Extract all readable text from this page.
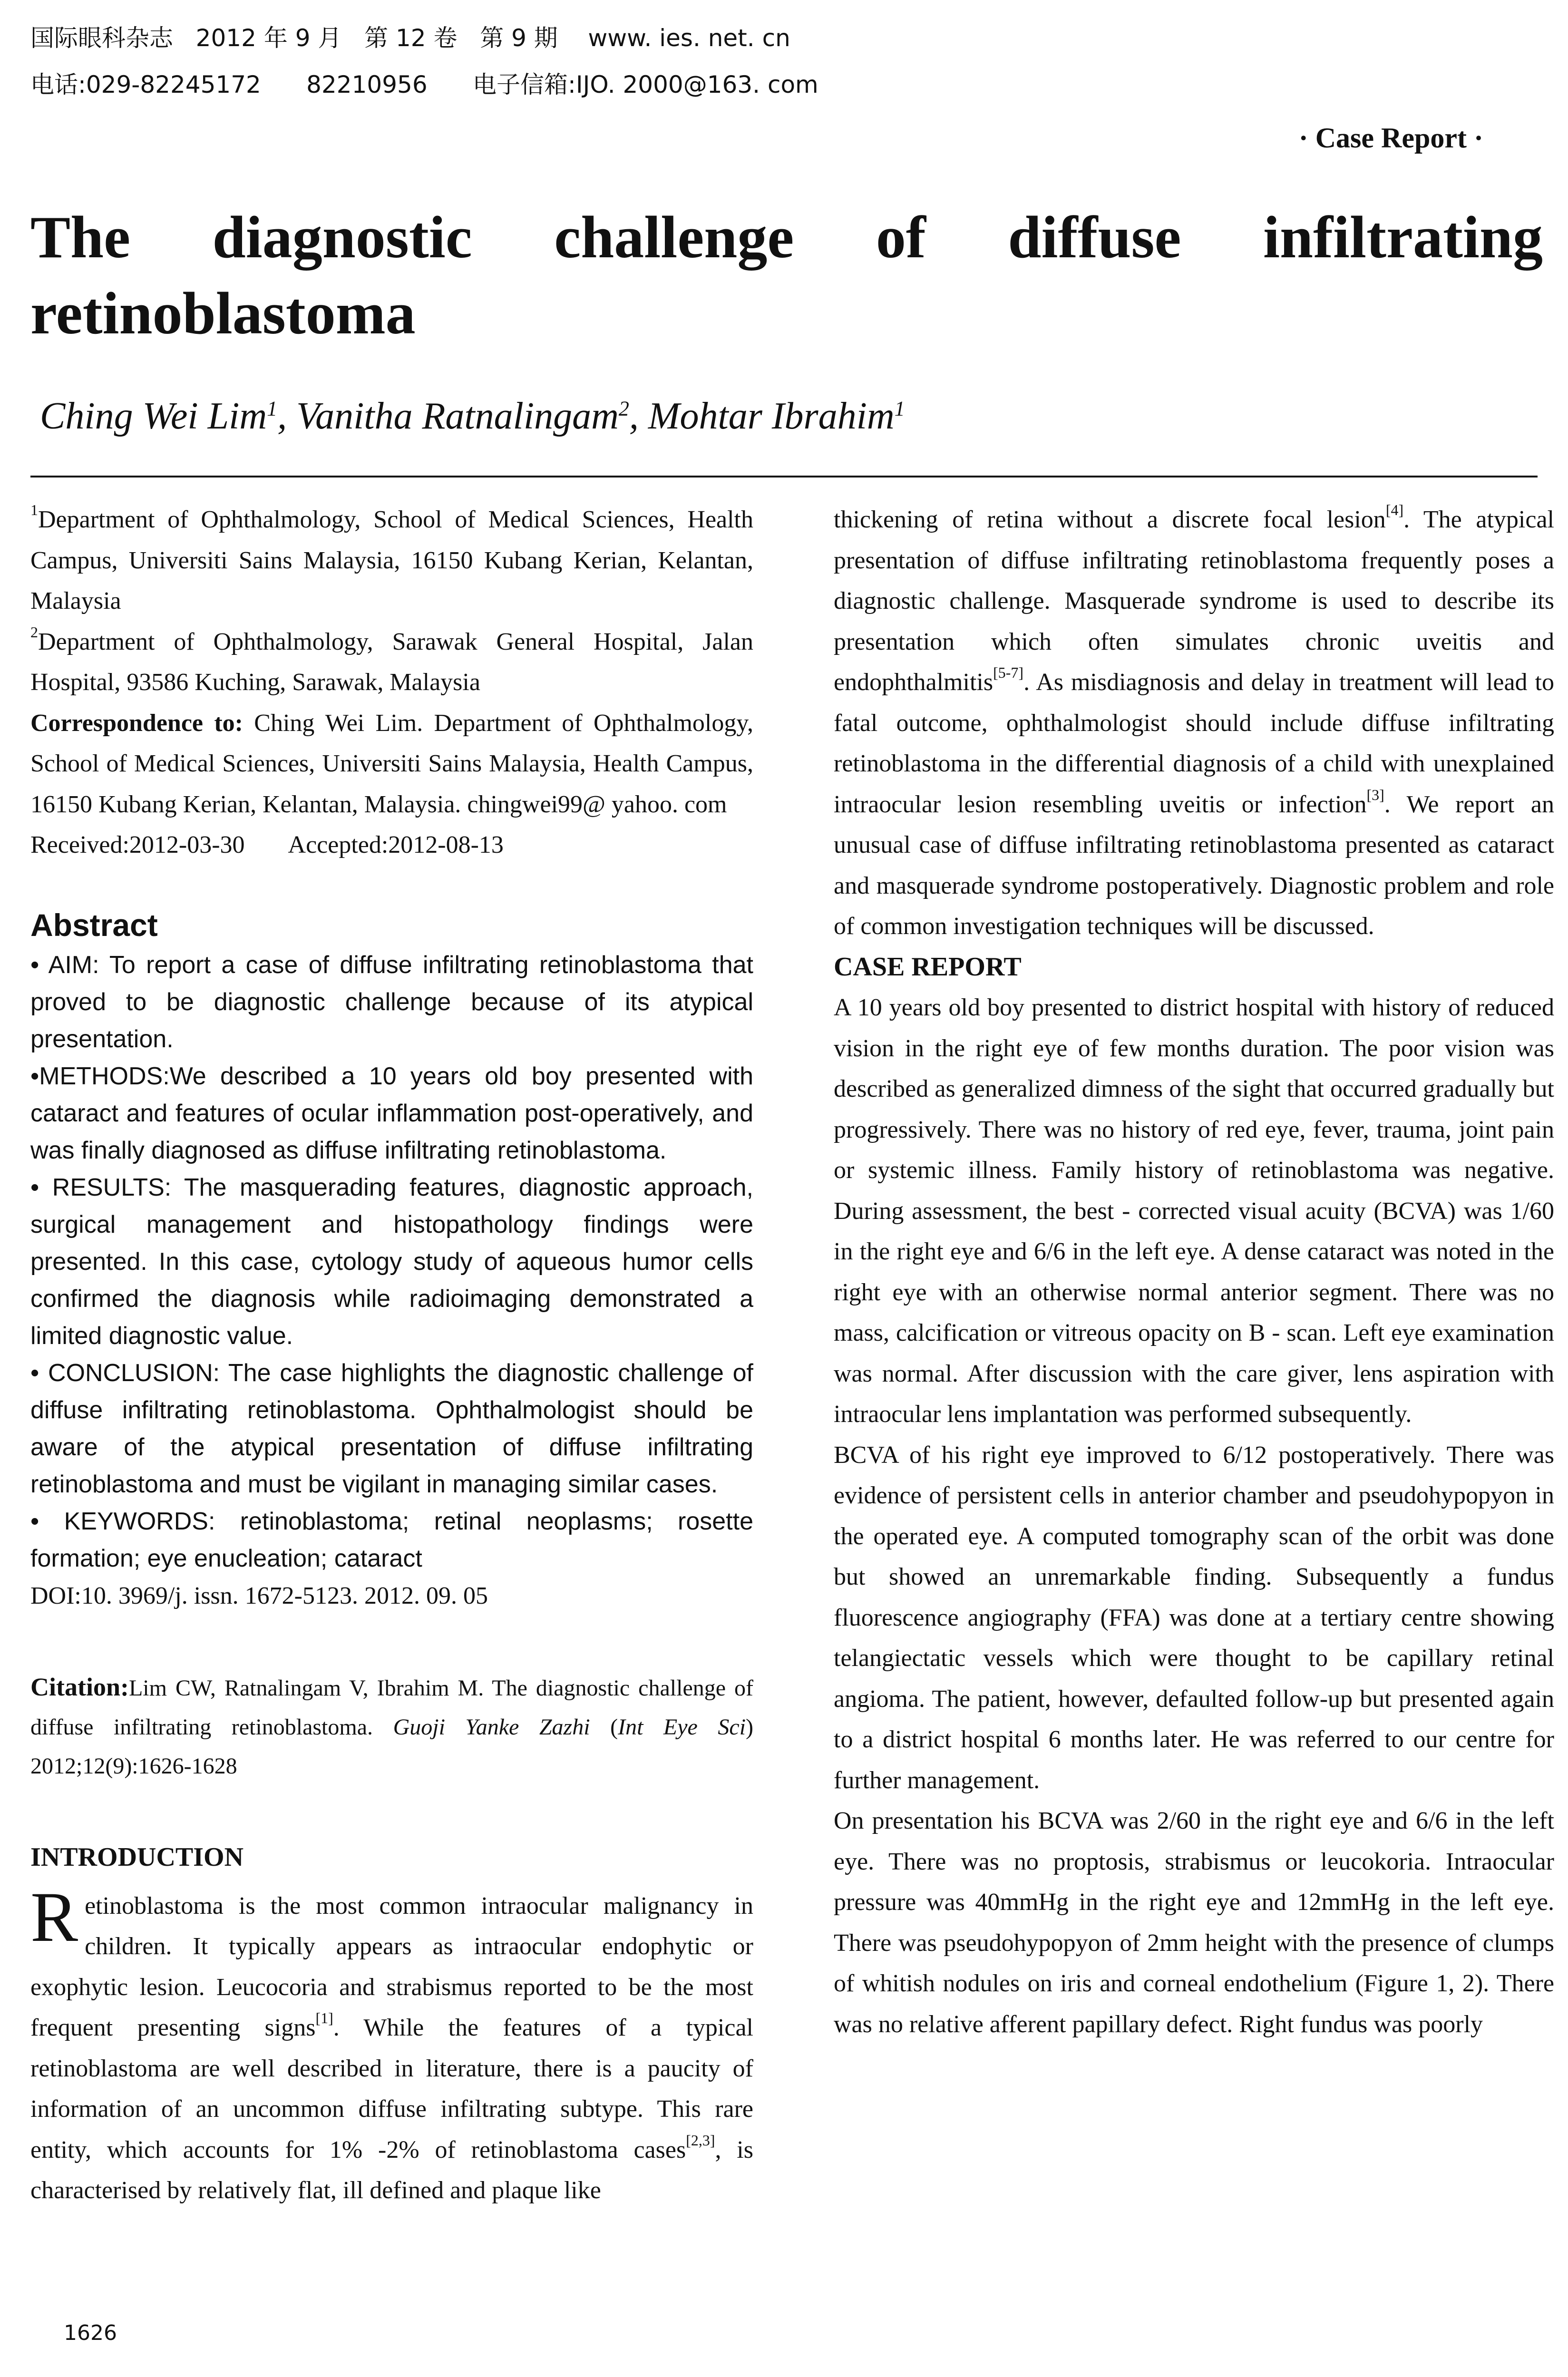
国际眼科杂志   2012 年 9 月   第 12 卷   第 9 期    www. ies. net. cn
电话:029-82245172      82210956      电子信箱:IJO. 2000@163. com
· Case Report ·
The diagnostic challenge of diffuse infiltrating retinoblastoma
Ching Wei Lim$^1$, Vanitha Ratnalingam$^2$, Mohtar Ibrahim$^1$

$^1$Department of Ophthalmology, School of Medical Sciences, Health Campus, Universiti Sains Malaysia, 16150 Kubang Kerian, Kelantan, Malaysia

$^2$Department of Ophthalmology, Sarawak General Hospital, Jalan Hospital, 93586 Kuching, Sarawak, Malaysia

Correspondence to: Ching Wei Lim. Department of Ophthalmology, School of Medical Sciences, Universiti Sains Malaysia, Health Campus, 16150 Kubang Kerian, Kelantan, Malaysia. chingwei99@ yahoo. com

Received:2012-03-30 Accepted:2012-08-13

Abstract

• AIM: To report a case of diffuse infiltrating retinoblastoma that proved to be diagnostic challenge because of its atypical presentation.

•METHODS:We described a 10 years old boy presented with cataract and features of ocular inflammation post-operatively, and was finally diagnosed as diffuse infiltrating retinoblastoma.

• RESULTS: The masquerading features, diagnostic approach, surgical management and histopathology findings were presented. In this case, cytology study of aqueous humor cells confirmed the diagnosis while radioimaging demonstrated a limited diagnostic value.

• CONCLUSION: The case highlights the diagnostic challenge of diffuse infiltrating retinoblastoma. Ophthalmologist should be aware of the atypical presentation of diffuse infiltrating retinoblastoma and must be vigilant in managing similar cases.

• KEYWORDS: retinoblastoma; retinal neoplasms; rosette formation; eye enucleation; cataract

DOI:10. 3969/j. issn. 1672-5123. 2012. 09. 05

Citation:Lim CW, Ratnalingam V, Ibrahim M. The diagnostic challenge of diffuse infiltrating retinoblastoma. Guoji Yanke Zazhi (Int Eye Sci) 2012;12(9):1626-1628

INTRODUCTION

Retinoblastoma is the most common intraocular malignancy in children. It typically appears as intraocular endophytic or exophytic lesion. Leucocoria and strabismus reported to be the most frequent presenting signs[1]. While the features of a typical retinoblastoma are well described in literature, there is a paucity of information of an uncommon diffuse infiltrating subtype. This rare entity, which accounts for 1% -2% of retinoblastoma cases[2,3], is characterised by relatively flat, ill defined and plaque like

thickening of retina without a discrete focal lesion[4]. The atypical presentation of diffuse infiltrating retinoblastoma frequently poses a diagnostic challenge. Masquerade syndrome is used to describe its presentation which often simulates chronic uveitis and endophthalmitis[5-7]. As misdiagnosis and delay in treatment will lead to fatal outcome, ophthalmologist should include diffuse infiltrating retinoblastoma in the differential diagnosis of a child with unexplained intraocular lesion resembling uveitis or infection[3]. We report an unusual case of diffuse infiltrating retinoblastoma presented as cataract and masquerade syndrome postoperatively. Diagnostic problem and role of common investigation techniques will be discussed.

CASE REPORT

A 10 years old boy presented to district hospital with history of reduced vision in the right eye of few months duration. The poor vision was described as generalized dimness of the sight that occurred gradually but progressively. There was no history of red eye, fever, trauma, joint pain or systemic illness. Family history of retinoblastoma was negative. During assessment, the best - corrected visual acuity (BCVA) was 1/60 in the right eye and 6/6 in the left eye. A dense cataract was noted in the right eye with an otherwise normal anterior segment. There was no mass, calcification or vitreous opacity on B - scan. Left eye examination was normal. After discussion with the care giver, lens aspiration with intraocular lens implantation was performed subsequently.

BCVA of his right eye improved to 6/12 postoperatively. There was evidence of persistent cells in anterior chamber and pseudohypopyon in the operated eye. A computed tomography scan of the orbit was done but showed an unremarkable finding. Subsequently a fundus fluorescence angiography (FFA) was done at a tertiary centre showing telangiectatic vessels which were thought to be capillary retinal angioma. The patient, however, defaulted follow-up but presented again to a district hospital 6 months later. He was referred to our centre for further management.

On presentation his BCVA was 2/60 in the right eye and 6/6 in the left eye. There was no proptosis, strabismus or leucokoria. Intraocular pressure was 40mmHg in the right eye and 12mmHg in the left eye. There was pseudohypopyon of 2mm height with the presence of clumps of whitish nodules on iris and corneal endothelium (Figure 1, 2). There was no relative afferent papillary defect. Right fundus was poorly

1626
